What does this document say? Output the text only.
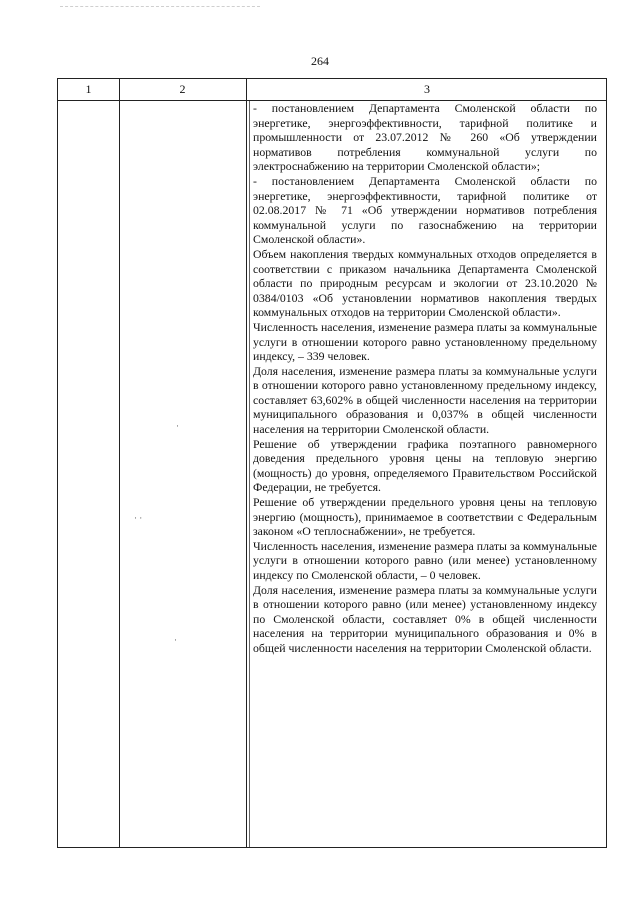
264
1	2	3
·
· ·
·

- постановлением Департамента Смоленской области по энергетике, энергоэффективности, тарифной политике и промышленности от 23.07.2012 № 260 «Об утверждении нормативов потребления коммунальной услуги по электроснабжению на территории Смоленской области»;

- постановлением Департамента Смоленской области по энергетике, энергоэффективности, тарифной политике от 02.08.2017 № 71 «Об утверждении нормативов потребления коммунальной услуги по газоснабжению на территории Смоленской области».

Объем накопления твердых коммунальных отходов определяется в соответствии с приказом начальника Департамента Смоленской области по природным ресурсам и экологии от 23.10.2020 № 0384/0103 «Об установлении нормативов накопления твердых коммунальных отходов на территории Смоленской области».

Численность населения, изменение размера платы за коммунальные услуги в отношении которого равно установленному предельному индексу, – 339 человек.

Доля населения, изменение размера платы за коммунальные услуги в отношении которого равно установленному предельному индексу, составляет 63,602% в общей численности населения на территории муниципального образования и 0,037% в общей численности населения на территории Смоленской области.

Решение об утверждении графика поэтапного равномерного доведения предельного уровня цены на тепловую энергию (мощность) до уровня, определяемого Правительством Российской Федерации, не требуется.

Решение об утверждении предельного уровня цены на тепловую энергию (мощность), принимаемое в соответствии с Федеральным законом «О теплоснабжении», не требуется.

Численность населения, изменение размера платы за коммунальные услуги в отношении которого равно (или менее) установленному индексу по Смоленской области, – 0 человек.

Доля населения, изменение размера платы за коммунальные услуги в отношении которого равно (или менее) установленному индексу по Смоленской области, составляет 0% в общей численности населения на территории муниципального образования и 0% в общей численности населения на территории Смоленской области.
